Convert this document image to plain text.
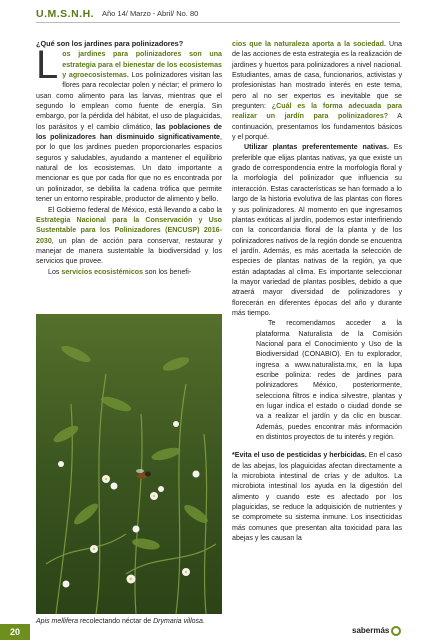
U.M.S.N.H. Año 14/ Marzo - Abril/ No. 80

¿Qué son los jardines para polinizadores?

Los jardines para polinizadores son una estrategia para el bienestar de los ecosistemas y agroecosistemas. Los polinizadores visitan las flores para recolectar polen y néctar; el primero lo usan como alimento para las larvas, mientras que el segundo lo emplean como fuente de energía. Sin embargo, por la pérdida del hábitat, el uso de plaguicidas, los parásitos y el cambio climático, las poblaciones de los polinizadores han disminuido significativamente, por lo que los jardines pueden proporcionarles espacios seguros y saludables, ayudando a mantener el equilibrio natural de los ecosistemas. Un dato importante a mencionar es que por cada flor que no es encontrada por un polinizador, se debilita la cadena trófica que permite tener un entorno respirable, productor de alimento y bello.

El Gobierno federal de México, está llevando a cabo la Estrategia Nacional para la Conservación y Uso Sustentable para los Polinizadores (ENCUSP) 2016-2030, un plan de acción para conservar, restaurar y manejar de manera sustentable la biodiversidad y los servicios que provee.

Los servicios ecosistémicos son los benefi-

Apis mellifera recolectando néctar de Drymaria villosa.

cios que la naturaleza aporta a la sociedad. Una de las acciones de esta estrategia es la realización de jardines y huertos para polinizadores a nivel nacional. Estudiantes, amas de casa, funcionarios, activistas y profesionistas han mostrado interés en este tema, pero al no ser expertos es inevitable que se pregunten: ¿Cuál es la forma adecuada para realizar un jardín para polinizadores? A continuación, presentamos los fundamentos básicos y el porqué.

Utilizar plantas preferentemente nativas. Es preferible que elijas plantas nativas, ya que existe un grado de correspondencia entre la morfología floral y la morfología del polinizador que influencia su interacción. Estas características se han formado a lo largo de la historia evolutiva de las plantas con flores y sus polinizadores. Al momento en que ingresamos plantas exóticas al jardín, podemos estar interfiriendo con la concordancia floral de la planta y de los polinizadores nativos de la región donde se encuentra el jardín. Además, es más acertada la selección de especies de plantas nativas de la región, ya que están adaptadas al clima. Es importante seleccionar la mayor variedad de plantas posibles, debido a que atraerá mayor diversidad de polinizadores y florecerán en diferentes épocas del año y durante más tiempo.

Te recomendamos acceder a la plataforma Naturalista de la Comisión Nacional para el Conocimiento y Uso de la Biodiversidad (CONABIO). En tu explorador, ingresa a www.naturalista.mx, en la lupa escribe poliniza: redes de jardines para polinizadores México, posteriormente, selecciona filtros e indica silvestre, plantas y en lugar indica el estado o ciudad donde se va a realizar el jardín y da clic en buscar. Además, puedes encontrar más información en distintos proyectos de tu interés y región.

*Evita el uso de pesticidas y herbicidas. En el caso de las abejas, los plaguicidas afectan directamente a la microbiota intestinal de crías y de adultos. La microbiota intestinal los ayuda en la digestión del alimento y cuando este es afectado por los plaguicidas, se reduce la adquisición de nutrientes y se compromete su sistema inmune. Los insecticidas más comunes que presentan alta toxicidad para las abejas y les causan la

20	sabermás
